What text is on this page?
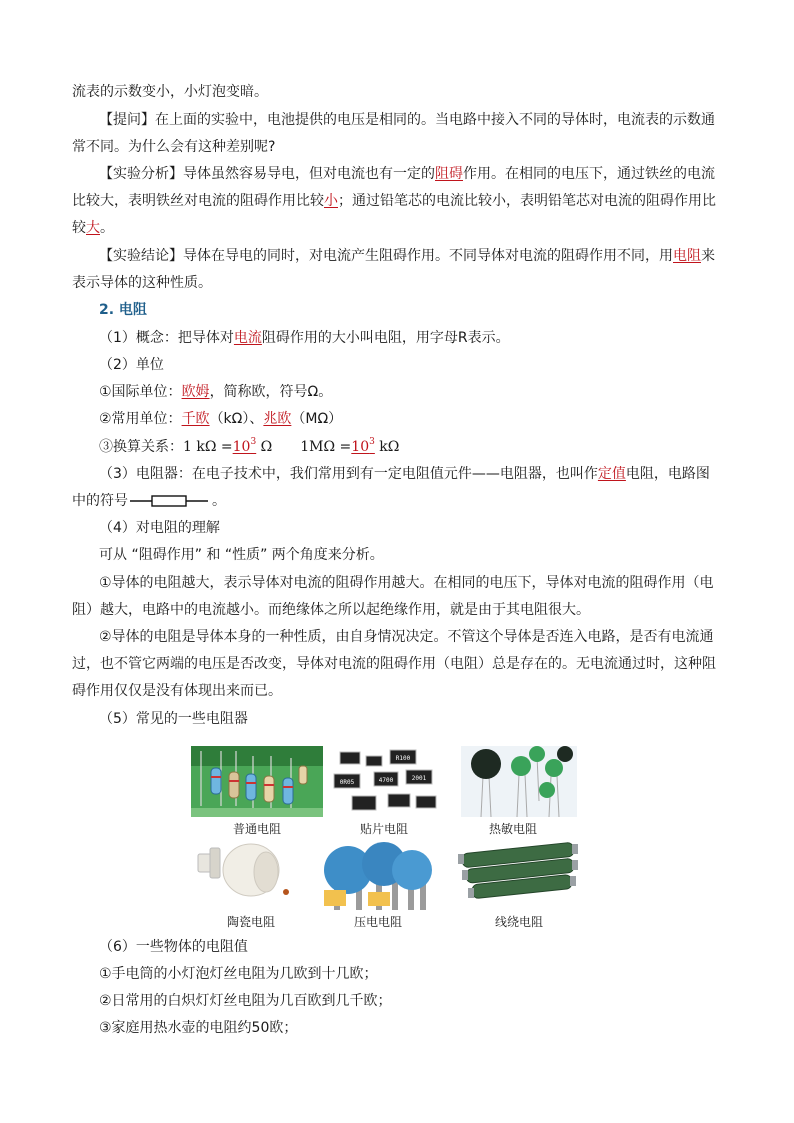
流表的示数变小，小灯泡变暗。
【提问】在上面的实验中，电池提供的电压是相同的。当电路中接入不同的导体时，电流表的示数通
常不同。为什么会有这种差别呢?
【实验分析】导体虽然容易导电，但对电流也有一定的阻碍作用。在相同的电压下，通过铁丝的电流
比较大，表明铁丝对电流的阻碍作用比较小；通过铅笔芯的电流比较小，表明铅笔芯对电流的阻碍作用比
较大。
【实验结论】导体在导电的同时，对电流产生阻碍作用。不同导体对电流的阻碍作用不同，用电阻来
表示导体的这种性质。
2. 电阻
（1）概念：把导体对电流阻碍作用的大小叫电阻，用字母R表示。
（2）单位
①国际单位：欧姆，简称欧，符号Ω。
②常用单位：千欧（kΩ）、兆欧（MΩ）
③换算关系：1 $k\Omega =10^3$ Ω　　$1M\Omega =10^3$ kΩ
（3）电阻器：在电子技术中，我们常用到有一定电阻值元件——电阻器，也叫作定值电阻，电路图
中的符号	。
（4）对电阻的理解
可从 “阻碍作用” 和 “性质” 两个角度来分析。
①导体的电阻越大，表示导体对电流的阻碍作用越大。在相同的电压下，导体对电流的阻碍作用（电
阻）越大，电路中的电流越小。而绝缘体之所以起绝缘作用，就是由于其电阻很大。
②导体的电阻是导体本身的一种性质，由自身情况决定。不管这个导体是否连入电路，是否有电流通
过，也不管它两端的电压是否改变，导体对电流的阻碍作用（电阻）总是存在的。无电流通过时，这种阻
碍作用仅仅是没有体现出来而已。
（5）常见的一些电阻器
普通电阻
R100
2001
0R05	4700
贴片电阻	热敏电阻
陶瓷电阻	压电电阻	线绕电阻
（6）一些物体的电阻值
①手电筒的小灯泡灯丝电阻为几欧到十几欧；
②日常用的白炽灯灯丝电阻为几百欧到几千欧；
③家庭用热水壶的电阻约50欧；
